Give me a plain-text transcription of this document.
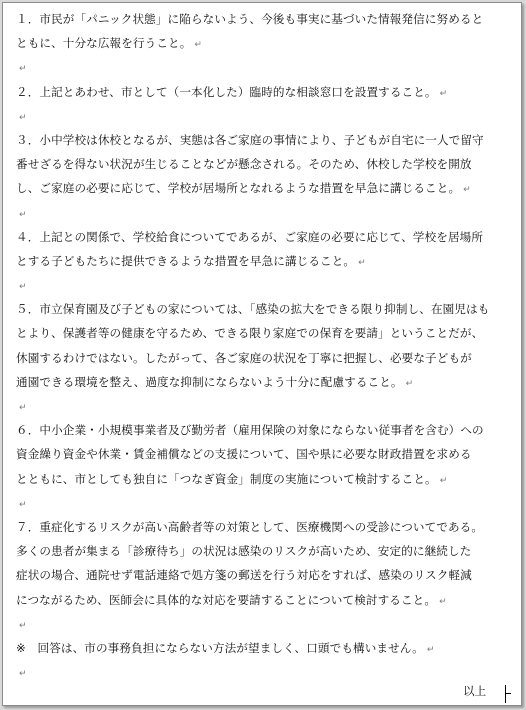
１．市民が「パニック状態」に陥らないよう、今後も事実に基づいた情報発信に努めると
ともに、十分な広報を行うこと。 ↵
↵
２．上記とあわせ、市として（一本化した）臨時的な相談窓口を設置すること。 ↵
↵
３．小中学校は休校となるが、実態は各ご家庭の事情により、子どもが自宅に一人で留守
番せざるを得ない状況が生じることなどが懸念される。そのため、休校した学校を開放
し、ご家庭の必要に応じて、学校が居場所となれるような措置を早急に講じること。 ↵
↵
４．上記との関係で、学校給食についてであるが、ご家庭の必要に応じて、学校を居場所
とする子どもたちに提供できるような措置を早急に講じること。 ↵
↵
５．市立保育園及び子どもの家については、「感染の拡大をできる限り抑制し、在園児はも
とより、保護者等の健康を守るため、できる限り家庭での保育を要請」ということだが、
休園するわけではない。したがって、各ご家庭の状況を丁寧に把握し、必要な子どもが
通園できる環境を整え、過度な抑制にならないよう十分に配慮すること。 ↵
↵
６．中小企業・小規模事業者及び勤労者（雇用保険の対象にならない従事者を含む）への
資金繰り資金や休業・賃金補償などの支援について、国や県に必要な財政措置を求める
とともに、市としても独自に「つなぎ資金」制度の実施について検討すること。 ↵
↵
７．重症化するリスクが高い高齢者等の対策として、医療機関への受診についてである。
多くの患者が集まる「診療待ち」の状況は感染のリスクが高いため、安定的に継続した
症状の場合、通院せず電話連絡で処方箋の郵送を行う対応をすれば、感染のリスク軽減
につながるため、医師会に具体的な対応を要請することについて検討すること。 ↵
↵
※　回答は、市の事務負担にならない方法が望ましく、口頭でも構いません。 ↵
↵
以上
